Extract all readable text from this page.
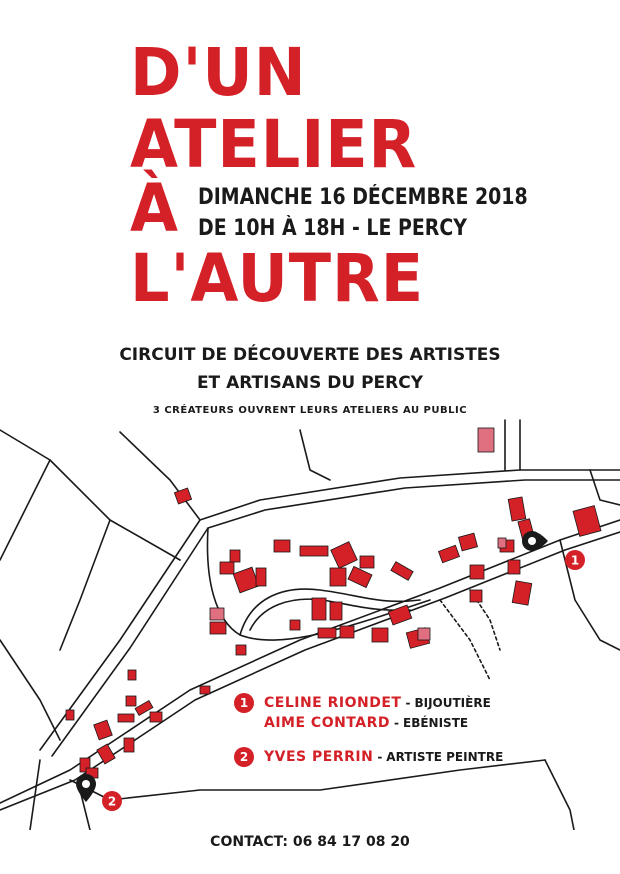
D'UN
ATELIER
À
L'AUTRE

DIMANCHE 16 DÉCEMBRE 2018

DE 10H À 18H - LE PERCY

CIRCUIT DE DÉCOUVERTE DES ARTISTES

ET ARTISANS DU PERCY

3 CRÉATEURS OUVRENT LEURS ATELIERS AU PUBLIC

1
2
1	CELINE RIONDET - BIJOUTIÈRE
AIME CONTARD - EBÉNISTE
2	YVES PERRIN - ARTISTE PEINTRE
CONTACT: 06 84 17 08 20
